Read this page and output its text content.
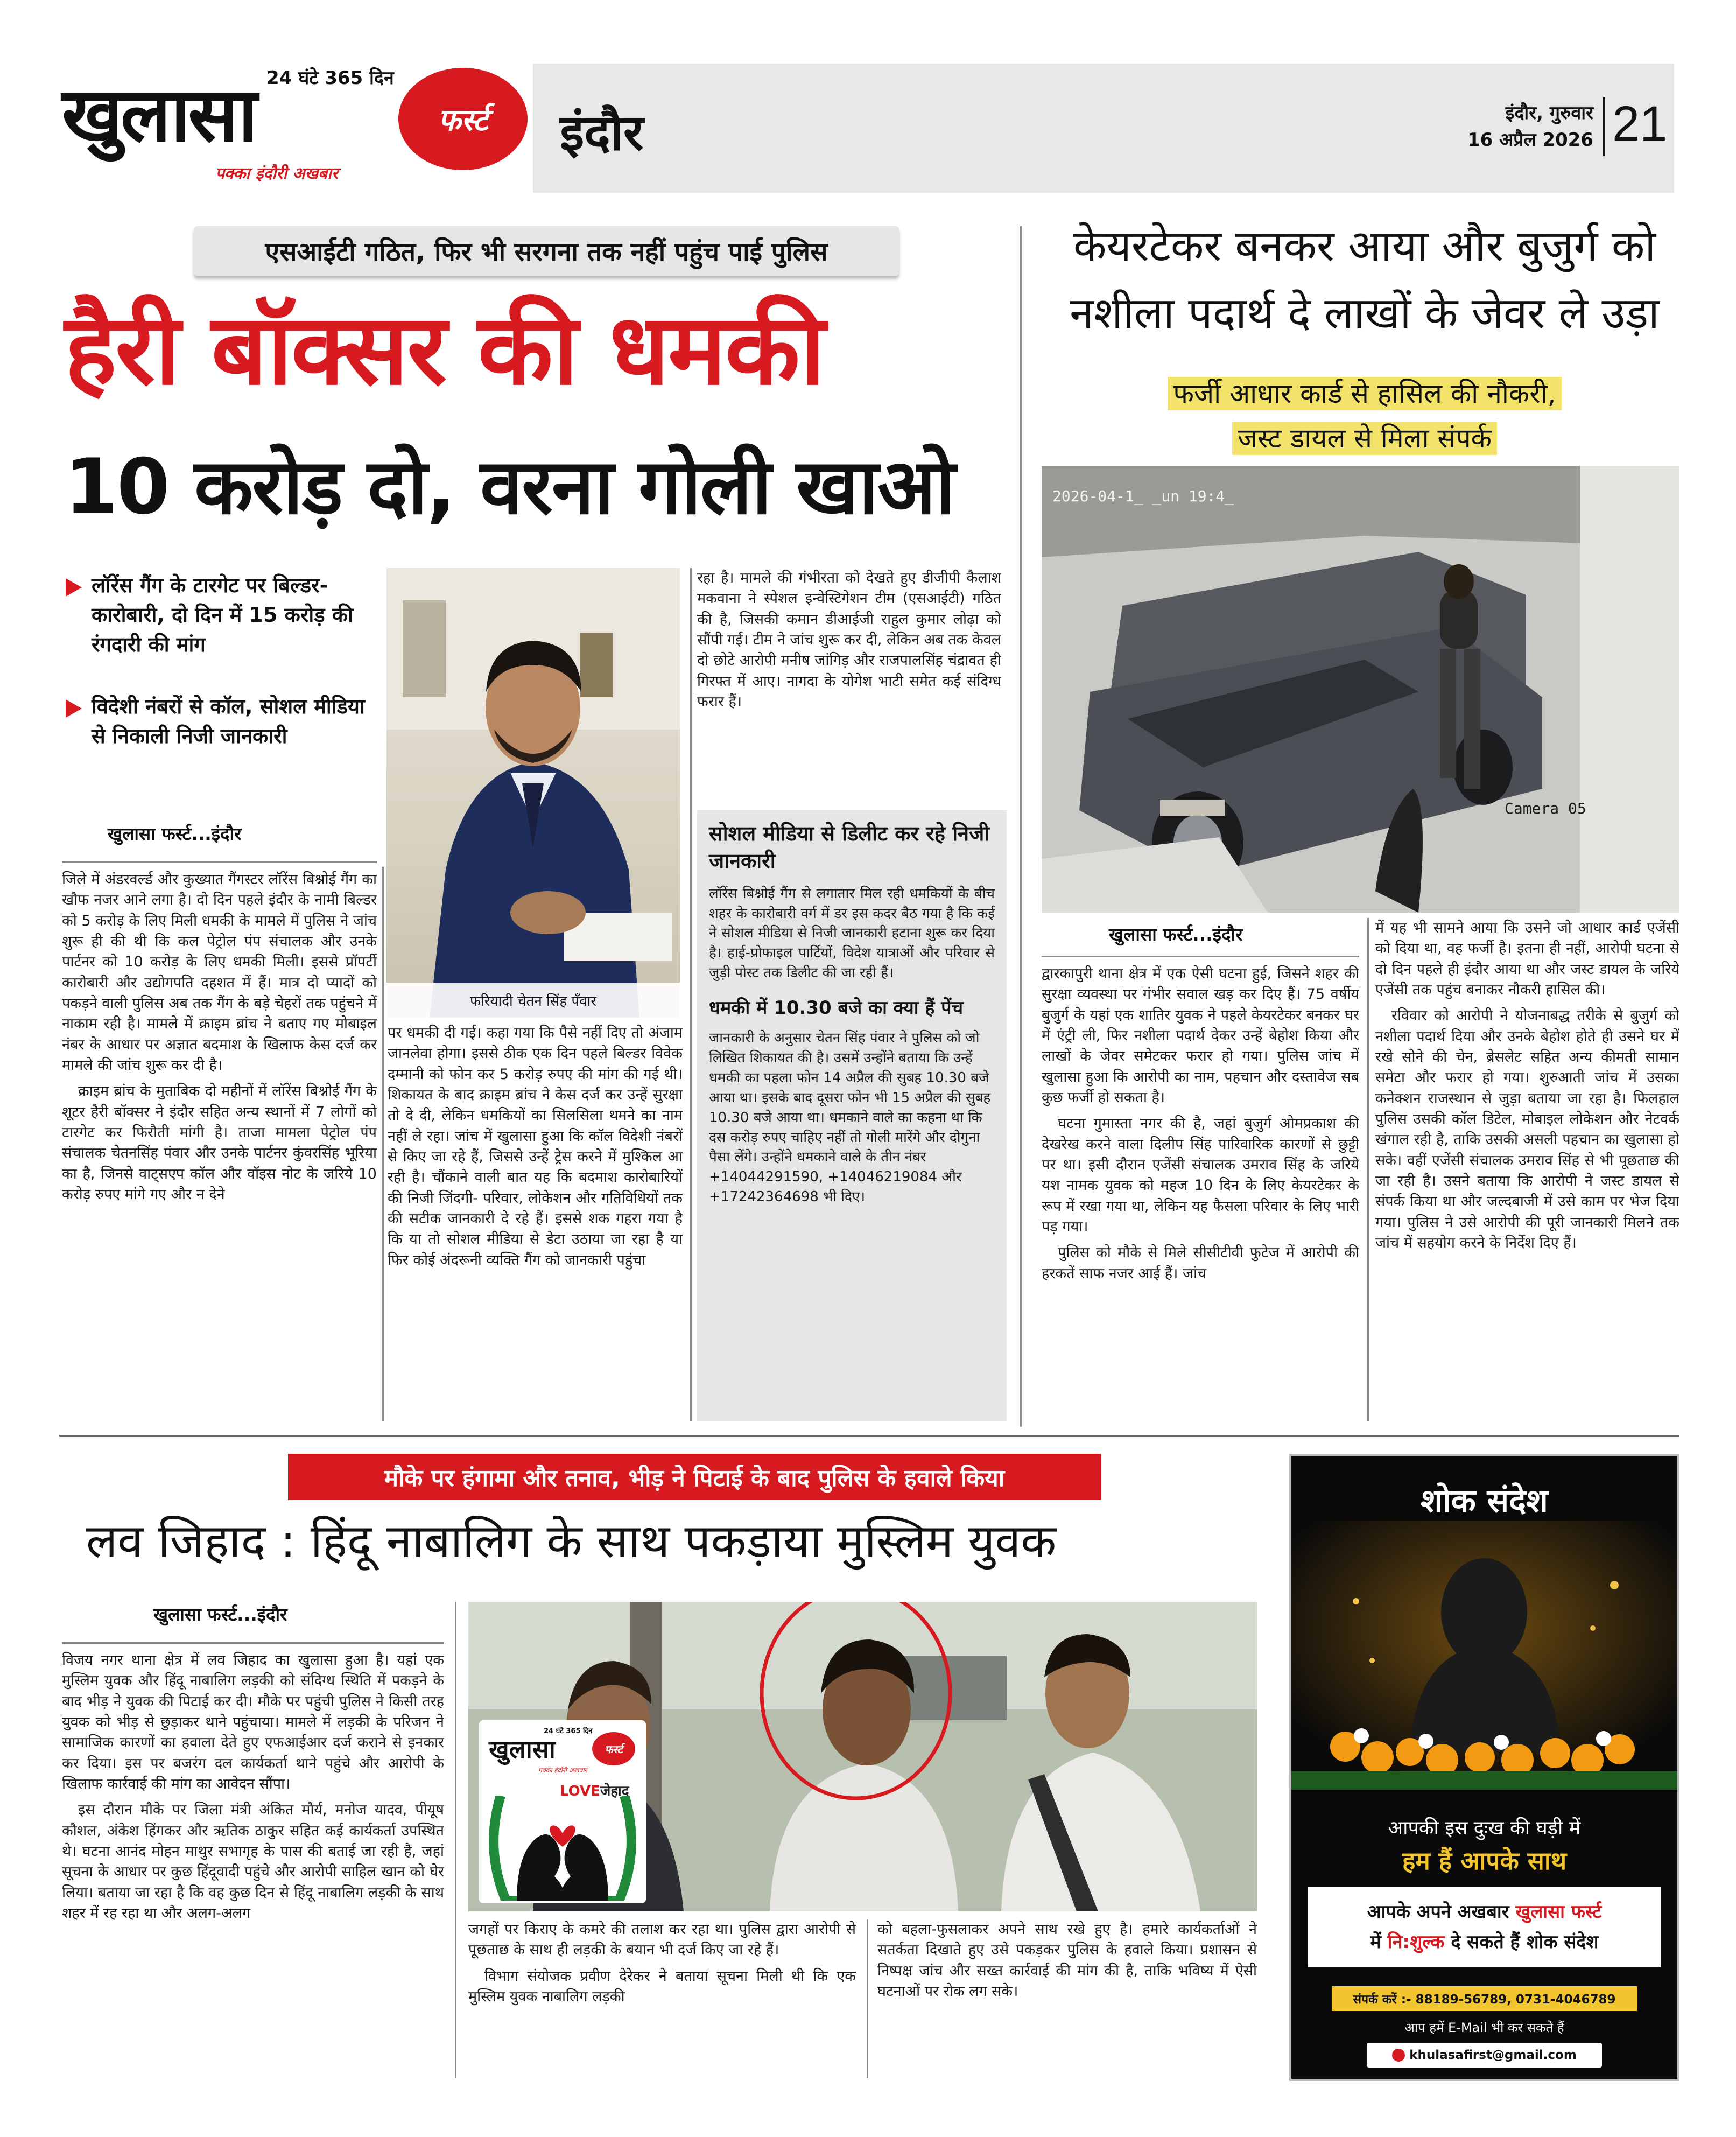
24 घंटे 365 दिन
खुलासा	फर्स्ट
पक्का इंदौरी अखबार
इंदौर	इंदौर, गुरुवार
16 अप्रैल 2026 21
एसआईटी गठित, फिर भी सरगना तक नहीं पहुंच पाई पुलिस
हैरी बॉक्सर की धमकी
10 करोड़ दो, वरना गोली खाओ
लॉरेंस गैंग के टारगेट पर बिल्डर-कारोबारी, दो दिन में 15 करोड़ की रंगदारी की मांग
विदेशी नंबरों से कॉल, सोशल मीडिया से निकाली निजी जानकारी
खुलासा फर्स्ट...इंदौर
फरियादी चेतन सिंह पँवार

जिले में अंडरवर्ल्ड और कुख्यात गैंगस्टर लॉरेंस बिश्नोई गैंग का खौफ नजर आने लगा है। दो दिन पहले इंदौर के नामी बिल्डर को 5 करोड़ के लिए मिली धमकी के मामले में पुलिस ने जांच शुरू ही की थी कि कल पेट्रोल पंप संचालक और उनके पार्टनर को 10 करोड़ के लिए धमकी मिली। इससे प्रॉपर्टी कारोबारी और उद्योगपति दहशत में हैं। मात्र दो प्यादों को पकड़ने वाली पुलिस अब तक गैंग के बड़े चेहरों तक पहुंचने में नाकाम रही है। मामले में क्राइम ब्रांच ने बताए गए मोबाइल नंबर के आधार पर अज्ञात बदमाश के खिलाफ केस दर्ज कर मामले की जांच शुरू कर दी है।

क्राइम ब्रांच के मुताबिक दो महीनों में लॉरेंस बिश्नोई गैंग के शूटर हैरी बॉक्सर ने इंदौर सहित अन्य स्थानों में 7 लोगों को टारगेट कर फिरौती मांगी है। ताजा मामला पेट्रोल पंप संचालक चेतनसिंह पंवार और उनके पार्टनर कुंवरसिंह भूरिया का है, जिनसे वाट्सएप कॉल और वॉइस नोट के जरिये 10 करोड़ रुपए मांगे गए और न देने

पर धमकी दी गई। कहा गया कि पैसे नहीं दिए तो अंजाम जानलेवा होगा। इससे ठीक एक दिन पहले बिल्डर विवेक दम्मानी को फोन कर 5 करोड़ रुपए की मांग की गई थी। शिकायत के बाद क्राइम ब्रांच ने केस दर्ज कर उन्हें सुरक्षा तो दे दी, लेकिन धमकियों का सिलसिला थमने का नाम नहीं ले रहा। जांच में खुलासा हुआ कि कॉल विदेशी नंबरों से किए जा रहे हैं, जिससे उन्हें ट्रेस करने में मुश्किल आ रही है। चौंकाने वाली बात यह कि बदमाश कारोबारियों की निजी जिंदगी- परिवार, लोकेशन और गतिविधियों तक की सटीक जानकारी दे रहे हैं। इससे शक गहरा गया है कि या तो सोशल मीडिया से डेटा उठाया जा रहा है या फिर कोई अंदरूनी व्यक्ति गैंग को जानकारी पहुंचा

रहा है। मामले की गंभीरता को देखते हुए डीजीपी कैलाश मकवाना ने स्पेशल इन्वेस्टिगेशन टीम (एसआईटी) गठित की है, जिसकी कमान डीआईजी राहुल कुमार लोढ़ा को सौंपी गई। टीम ने जांच शुरू कर दी, लेकिन अब तक केवल दो छोटे आरोपी मनीष जांगिड़ और राजपालसिंह चंद्रावत ही गिरफ्त में आए। नागदा के योगेश भाटी समेत कई संदिग्ध फरार हैं।

सोशल मीडिया से डिलीट कर रहे निजी जानकारी
लॉरेंस बिश्नोई गैंग से लगातार मिल रही धमकियों के बीच शहर के कारोबारी वर्ग में डर इस कदर बैठ गया है कि कई ने सोशल मीडिया से निजी जानकारी हटाना शुरू कर दिया है। हाई-प्रोफाइल पार्टियों, विदेश यात्राओं और परिवार से जुड़ी पोस्ट तक डिलीट की जा रही हैं।
धमकी में 10.30 बजे का क्या हैं पेंच
जानकारी के अनुसार चेतन सिंह पंवार ने पुलिस को जो लिखित शिकायत की है। उसमें उन्होंने बताया कि उन्हें धमकी का पहला फोन 14 अप्रैल की सुबह 10.30 बजे आया था। इसके बाद दूसरा फोन भी 15 अप्रैल की सुबह 10.30 बजे आया था। धमकाने वाले का कहना था कि दस करोड़ रुपए चाहिए नहीं तो गोली मारेंगे और दोगुना पैसा लेंगे। उन्होंने धमकाने वाले के तीन नंबर +14044291590, +14046219084 और +17242364698 भी दिए।
केयरटेकर बनकर आया और बुजुर्ग को
नशीला पदार्थ दे लाखों के जेवर ले उड़ा
फर्जी आधार कार्ड से हासिल की नौकरी,
जस्ट डायल से मिला संपर्क
2026-04-1_ _un 19:4_
Camera 05
खुलासा फर्स्ट...इंदौर

द्वारकापुरी थाना क्षेत्र में एक ऐसी घटना हुई, जिसने शहर की सुरक्षा व्यवस्था पर गंभीर सवाल खड़ कर दिए हैं। 75 वर्षीय बुजुर्ग के यहां एक शातिर युवक ने पहले केयरटेकर बनकर घर में एंट्री ली, फिर नशीला पदार्थ देकर उन्हें बेहोश किया और लाखों के जेवर समेटकर फरार हो गया। पुलिस जांच में खुलासा हुआ कि आरोपी का नाम, पहचान और दस्तावेज सब कुछ फर्जी हो सकता है।

घटना गुमास्ता नगर की है, जहां बुजुर्ग ओमप्रकाश की देखरेख करने वाला दिलीप सिंह पारिवारिक कारणों से छुट्टी पर था। इसी दौरान एजेंसी संचालक उमराव सिंह के जरिये यश नामक युवक को महज 10 दिन के लिए केयरटेकर के रूप में रखा गया था, लेकिन यह फैसला परिवार के लिए भारी पड़ गया।

पुलिस को मौके से मिले सीसीटीवी फुटेज में आरोपी की हरकतें साफ नजर आई हैं। जांच

में यह भी सामने आया कि उसने जो आधार कार्ड एजेंसी को दिया था, वह फर्जी है। इतना ही नहीं, आरोपी घटना से दो दिन पहले ही इंदौर आया था और जस्ट डायल के जरिये एजेंसी तक पहुंच बनाकर नौकरी हासिल की।

रविवार को आरोपी ने योजनाबद्ध तरीके से बुजुर्ग को नशीला पदार्थ दिया और उनके बेहोश होते ही उसने घर में रखे सोने की चेन, ब्रेसलेट सहित अन्य कीमती सामान समेटा और फरार हो गया। शुरुआती जांच में उसका कनेक्शन राजस्थान से जुड़ा बताया जा रहा है। फिलहाल पुलिस उसकी कॉल डिटेल, मोबाइल लोकेशन और नेटवर्क खंगाल रही है, ताकि उसकी असली पहचान का खुलासा हो सके। वहीं एजेंसी संचालक उमराव सिंह से भी पूछताछ की जा रही है। उसने बताया कि आरोपी ने जस्ट डायल से संपर्क किया था और जल्दबाजी में उसे काम पर भेज दिया गया। पुलिस ने उसे आरोपी की पूरी जानकारी मिलने तक जांच में सहयोग करने के निर्देश दिए हैं।

मौके पर हंगामा और तनाव, भीड़ ने पिटाई के बाद पुलिस के हवाले किया
लव जिहाद : हिंदू नाबालिग के साथ पकड़ाया मुस्लिम युवक
खुलासा फर्स्ट...इंदौर

विजय नगर थाना क्षेत्र में लव जिहाद का खुलासा हुआ है। यहां एक मुस्लिम युवक और हिंदू नाबालिग लड़की को संदिग्ध स्थिति में पकड़ने के बाद भीड़ ने युवक की पिटाई कर दी। मौके पर पहुंची पुलिस ने किसी तरह युवक को भीड़ से छुड़ाकर थाने पहुंचाया। मामले में लड़की के परिजन ने सामाजिक कारणों का हवाला देते हुए एफआईआर दर्ज कराने से इनकार कर दिया। इस पर बजरंग दल कार्यकर्ता थाने पहुंचे और आरोपी के खिलाफ कार्रवाई की मांग का आवेदन सौंपा।

इस दौरान मौके पर जिला मंत्री अंकित मौर्य, मनोज यादव, पीयूष कौशल, अंकेश हिंगकर और ऋतिक ठाकुर सहित कई कार्यकर्ता उपस्थित थे। घटना आनंद मोहन माथुर सभागृह के पास की बताई जा रही है, जहां सूचना के आधार पर कुछ हिंदूवादी पहुंचे और आरोपी साहिल खान को घेर लिया। बताया जा रहा है कि वह कुछ दिन से हिंदू नाबालिग लड़की के साथ शहर में रह रहा था और अलग-अलग

24 घंटे 365 दिन
खुलासा	फर्स्ट
पक्का इंदौरी अखबार
LOVEजेहाद

जगहों पर किराए के कमरे की तलाश कर रहा था। पुलिस द्वारा आरोपी से पूछताछ के साथ ही लड़की के बयान भी दर्ज किए जा रहे हैं।

विभाग संयोजक प्रवीण देरेकर ने बताया सूचना मिली थी कि एक मुस्लिम युवक नाबालिग लड़की

को बहला-फुसलाकर अपने साथ रखे हुए है। हमारे कार्यकर्ताओं ने सतर्कता दिखाते हुए उसे पकड़कर पुलिस के हवाले किया। प्रशासन से निष्पक्ष जांच और सख्त कार्रवाई की मांग की है, ताकि भविष्य में ऐसी घटनाओं पर रोक लग सके।

शोक संदेश
आपकी इस दुःख की घड़ी में
हम हैं आपके साथ
आपके अपने अखबार खुलासा फर्स्ट
में नि:शुल्क दे सकते हैं शोक संदेश
संपर्क करें :- 88189-56789, 0731-4046789
आप हमें E-Mail भी कर सकते हैं
khulasafirst@gmail.com
